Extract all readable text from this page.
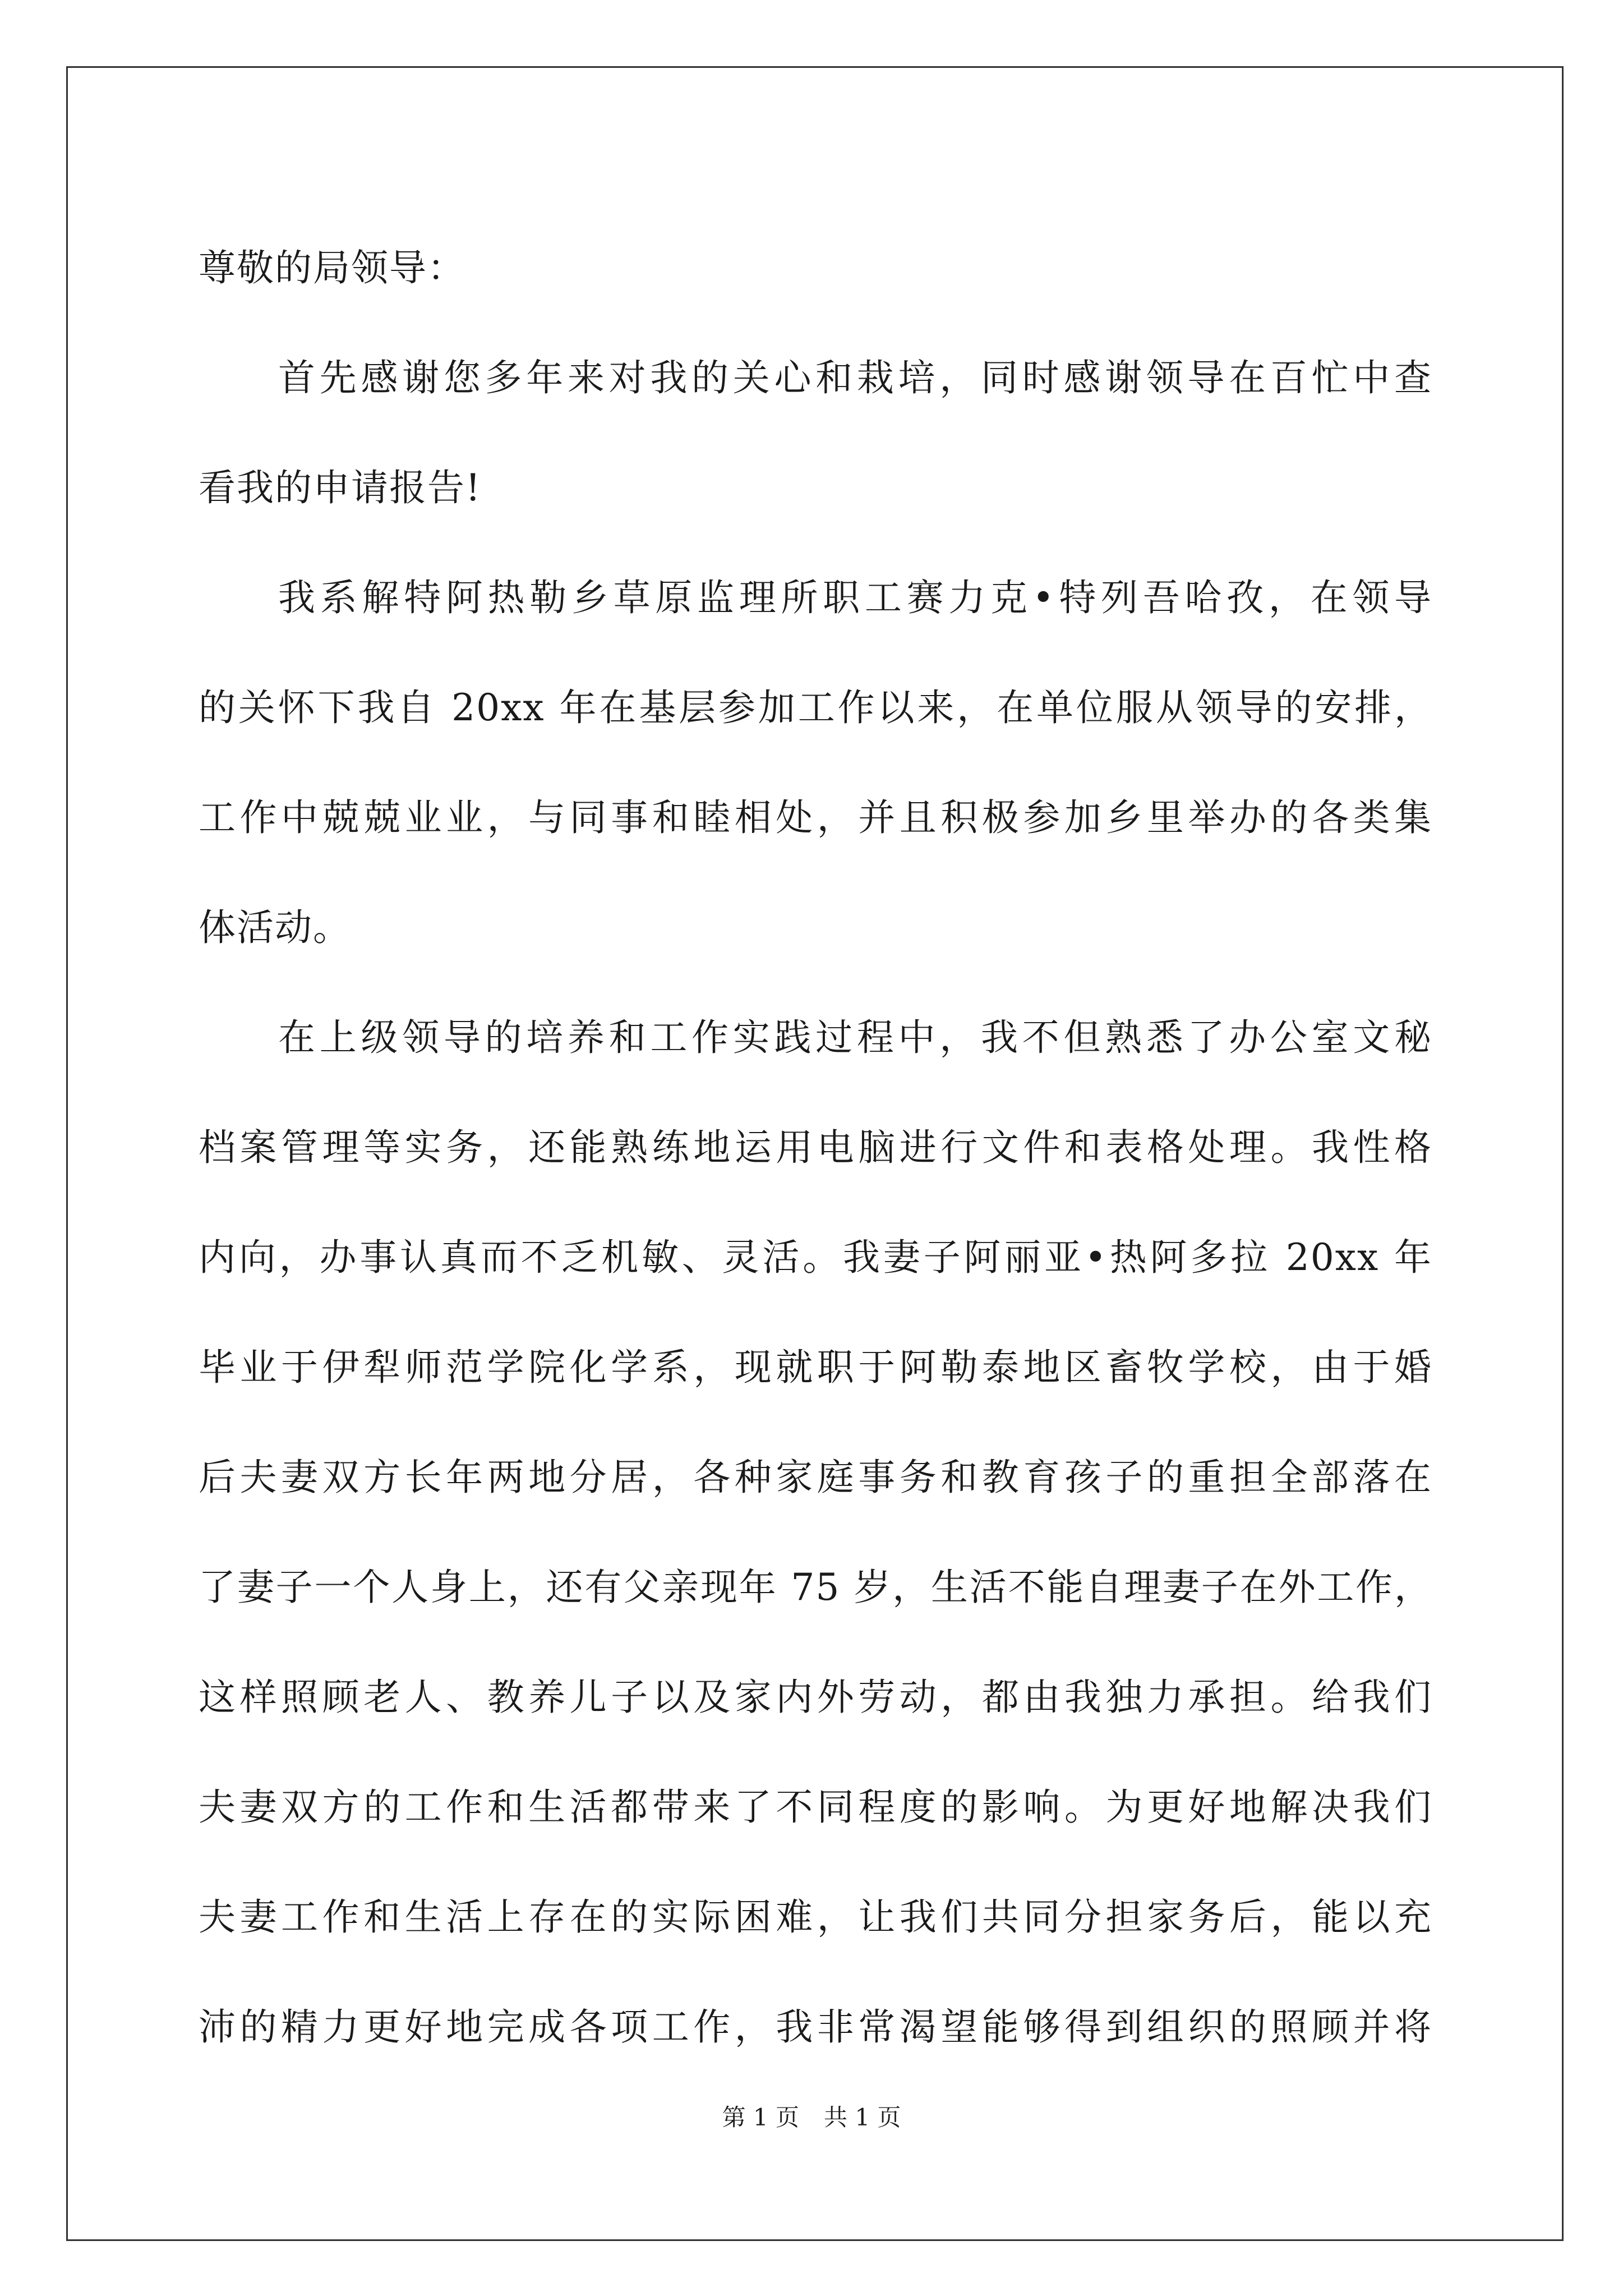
尊敬的局领导：
首先感谢您多年来对我的关心和栽培，同时感谢领导在百忙中查
看我的申请报告!
我系解特阿热勒乡草原监理所职工赛力克•特列吾哈孜，在领导
的关怀下我自 20xx 年在基层参加工作以来，在单位服从领导的安排，
工作中兢兢业业，与同事和睦相处，并且积极参加乡里举办的各类集
体活动。
在上级领导的培养和工作实践过程中，我不但熟悉了办公室文秘
档案管理等实务，还能熟练地运用电脑进行文件和表格处理。我性格
内向，办事认真而不乏机敏、灵活。我妻子阿丽亚•热阿多拉 20xx 年
毕业于伊犁师范学院化学系，现就职于阿勒泰地区畜牧学校，由于婚
后夫妻双方长年两地分居，各种家庭事务和教育孩子的重担全部落在
了妻子一个人身上，还有父亲现年 75 岁，生活不能自理妻子在外工作，
这样照顾老人、教养儿子以及家内外劳动，都由我独力承担。给我们
夫妻双方的工作和生活都带来了不同程度的影响。为更好地解决我们
夫妻工作和生活上存在的实际困难，让我们共同分担家务后，能以充
沛的精力更好地完成各项工作，我非常渴望能够得到组织的照顾并将
第 1 页 共 1 页
